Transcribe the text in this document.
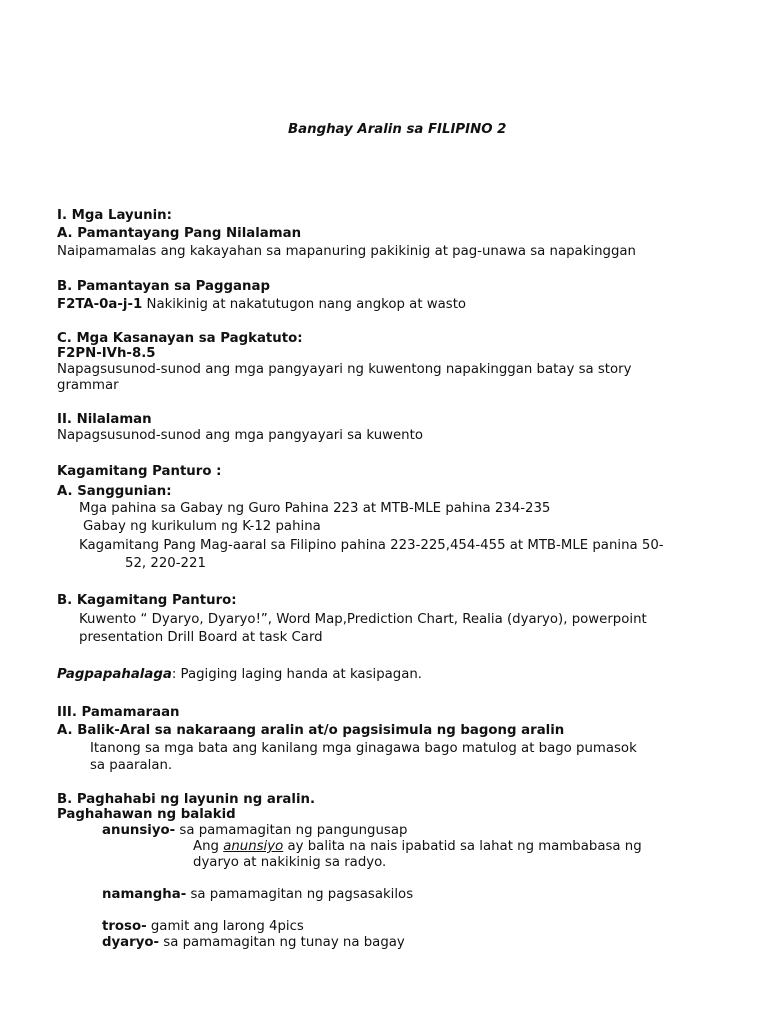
Banghay Aralin sa FILIPINO 2
I. Mga Layunin:
A. Pamantayang Pang Nilalaman
Naipamamalas ang kakayahan sa mapanuring pakikinig at pag-unawa sa napakinggan
B. Pamantayan sa Pagganap
F2TA-0a-j-1 Nakikinig at nakatutugon nang angkop at wasto
C. Mga Kasanayan sa Pagkatuto:
F2PN-IVh-8.5
Napagsusunod-sunod ang mga pangyayari ng kuwentong napakinggan batay sa story
grammar
II. Nilalaman
Napagsusunod-sunod ang mga pangyayari sa kuwento
Kagamitang Panturo :
A. Sanggunian:
Mga pahina sa Gabay ng Guro Pahina 223 at MTB-MLE pahina 234-235
Gabay ng kurikulum ng K-12 pahina
Kagamitang Pang Mag-aaral sa Filipino pahina 223-225,454-455 at MTB-MLE panina 50-
52, 220-221
B. Kagamitang Panturo:
Kuwento “ Dyaryo, Dyaryo!”, Word Map,Prediction Chart, Realia (dyaryo), powerpoint
presentation Drill Board at task Card
Pagpapahalaga: Pagiging laging handa at kasipagan.
III. Pamamaraan
A. Balik-Aral sa nakaraang aralin at/o pagsisimula ng bagong aralin
Itanong sa mga bata ang kanilang mga ginagawa bago matulog at bago pumasok
sa paaralan.
B. Paghahabi ng layunin ng aralin.
Paghahawan ng balakid
anunsiyo- sa pamamagitan ng pangungusap
Ang anunsiyo ay balita na nais ipabatid sa lahat ng mambabasa ng
dyaryo at nakikinig sa radyo.
namangha- sa pamamagitan ng pagsasakilos
troso- gamit ang larong 4pics
dyaryo- sa pamamagitan ng tunay na bagay
